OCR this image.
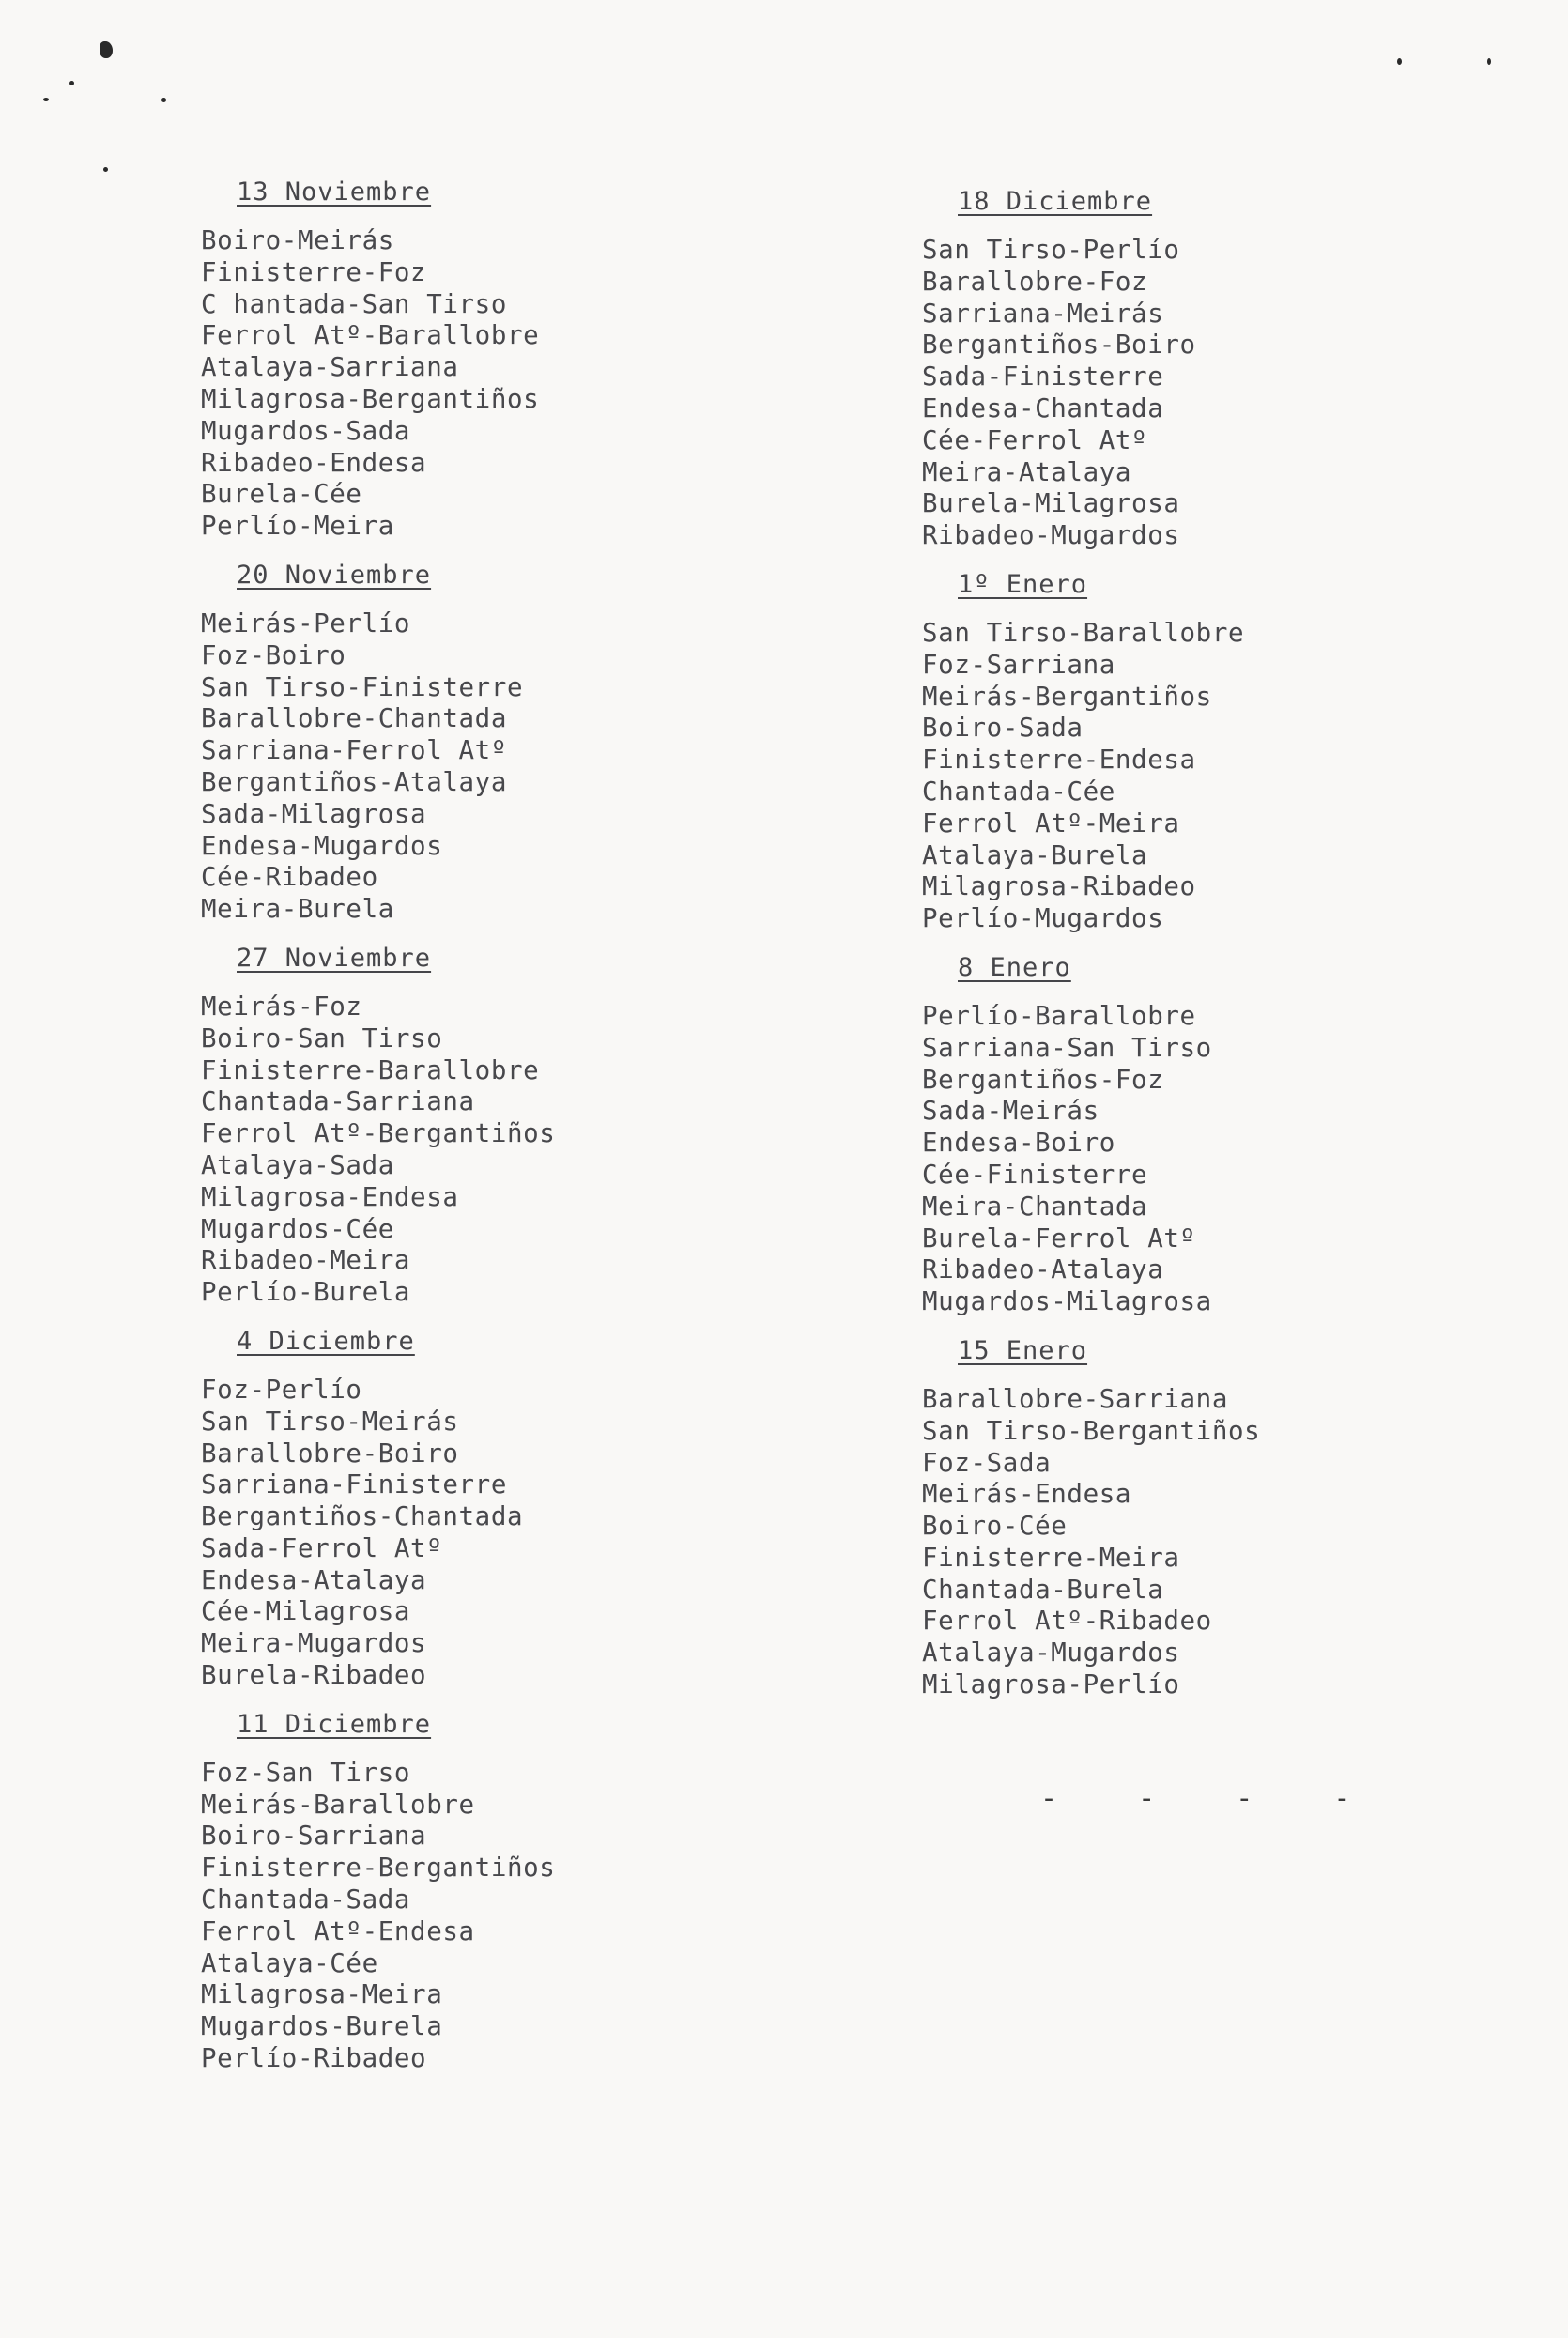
13 Noviembre
Boiro-Meirás
Finisterre-Foz
C hantada-San Tirso
Ferrol Atº-Barallobre
Atalaya-Sarriana
Milagrosa-Bergantiños
Mugardos-Sada
Ribadeo-Endesa
Burela-Cée
Perlío-Meira
20 Noviembre
Meirás-Perlío
Foz-Boiro
San Tirso-Finisterre
Barallobre-Chantada
Sarriana-Ferrol Atº
Bergantiños-Atalaya
Sada-Milagrosa
Endesa-Mugardos
Cée-Ribadeo
Meira-Burela
27 Noviembre
Meirás-Foz
Boiro-San Tirso
Finisterre-Barallobre
Chantada-Sarriana
Ferrol Atº-Bergantiños
Atalaya-Sada
Milagrosa-Endesa
Mugardos-Cée
Ribadeo-Meira
Perlío-Burela
4 Diciembre
Foz-Perlío
San Tirso-Meirás
Barallobre-Boiro
Sarriana-Finisterre
Bergantiños-Chantada
Sada-Ferrol Atº
Endesa-Atalaya
Cée-Milagrosa
Meira-Mugardos
Burela-Ribadeo
11 Diciembre
Foz-San Tirso
Meirás-Barallobre
Boiro-Sarriana
Finisterre-Bergantiños
Chantada-Sada
Ferrol Atº-Endesa
Atalaya-Cée
Milagrosa-Meira
Mugardos-Burela
Perlío-Ribadeo
18 Diciembre
San Tirso-Perlío
Barallobre-Foz
Sarriana-Meirás
Bergantiños-Boiro
Sada-Finisterre
Endesa-Chantada
Cée-Ferrol Atº
Meira-Atalaya
Burela-Milagrosa
Ribadeo-Mugardos
1º Enero
San Tirso-Barallobre
Foz-Sarriana
Meirás-Bergantiños
Boiro-Sada
Finisterre-Endesa
Chantada-Cée
Ferrol Atº-Meira
Atalaya-Burela
Milagrosa-Ribadeo
Perlío-Mugardos
8 Enero
Perlío-Barallobre
Sarriana-San Tirso
Bergantiños-Foz
Sada-Meirás
Endesa-Boiro
Cée-Finisterre
Meira-Chantada
Burela-Ferrol Atº
Ribadeo-Atalaya
Mugardos-Milagrosa
15 Enero
Barallobre-Sarriana
San Tirso-Bergantiños
Foz-Sada
Meirás-Endesa
Boiro-Cée
Finisterre-Meira
Chantada-Burela
Ferrol Atº-Ribadeo
Atalaya-Mugardos
Milagrosa-Perlío
- - - -
